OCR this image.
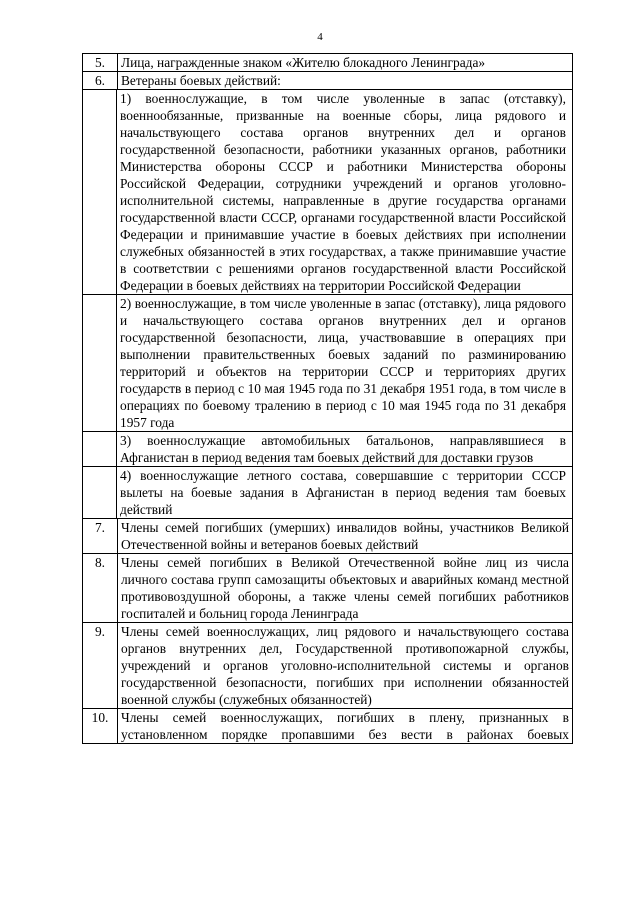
4
5.	Лица, награжденные знаком «Жителю блокадного Ленинграда»
6.	Ветераны боевых действий:

1) военнослужащие, в том числе уволенные в запас (отставку), военнообязанные, призванные на военные сборы, лица рядового и начальствующего состава органов внутренних дел и органов государственной безопасности, работники указанных органов, работники Министерства обороны СССР и работники Министерства обороны Российской Федерации, сотрудники учреждений и органов уголовно-исполнительной системы, направленные в другие государства органами государственной власти СССР, органами государственной власти Российской Федерации и принимавшие участие в боевых действиях при исполнении служебных обязанностей в этих государствах, а также принимавшие участие в соответствии с решениями органов государственной власти Российской Федерации в боевых действиях на территории Российской Федерации	

2) военнослужащие, в том числе уволенные в запас (отставку), лица рядового и начальствующего состава органов внутренних дел и органов государственной безопасности, лица, участвовавшие в операциях при выполнении правительственных боевых заданий по разминированию территорий и объектов на территории СССР и территориях других государств в период с 10 мая 1945 года по 31 декабря 1951 года, в том числе в операциях по боевому тралению в период с 10 мая 1945 года по 31 декабря 1957 года	

3) военнослужащие автомобильных батальонов, направлявшиеся в Афганистан в период ведения там боевых действий для доставки грузов	

4) военнослужащие летного состава, совершавшие с территории СССР вылеты на боевые задания в Афганистан в период ведения там боевых действий	

7.	Члены семей погибших (умерших) инвалидов войны, участников Великой Отечественной войны и ветеранов боевых действий
8.	Члены семей погибших в Великой Отечественной войне лиц из числа личного состава групп самозащиты объектовых и аварийных команд местной противовоздушной обороны, а также члены семей погибших работников госпиталей и больниц города Ленинграда
9.	Члены семей военнослужащих, лиц рядового и начальствующего состава органов внутренних дел, Государственной противопожарной службы, учреждений и органов уголовно-исполнительной системы и органов государственной безопасности, погибших при исполнении обязанностей военной службы (служебных обязанностей)
10.	Члены семей военнослужащих, погибших в плену, признанных в установленном порядке пропавшими без вести в районах боевых
